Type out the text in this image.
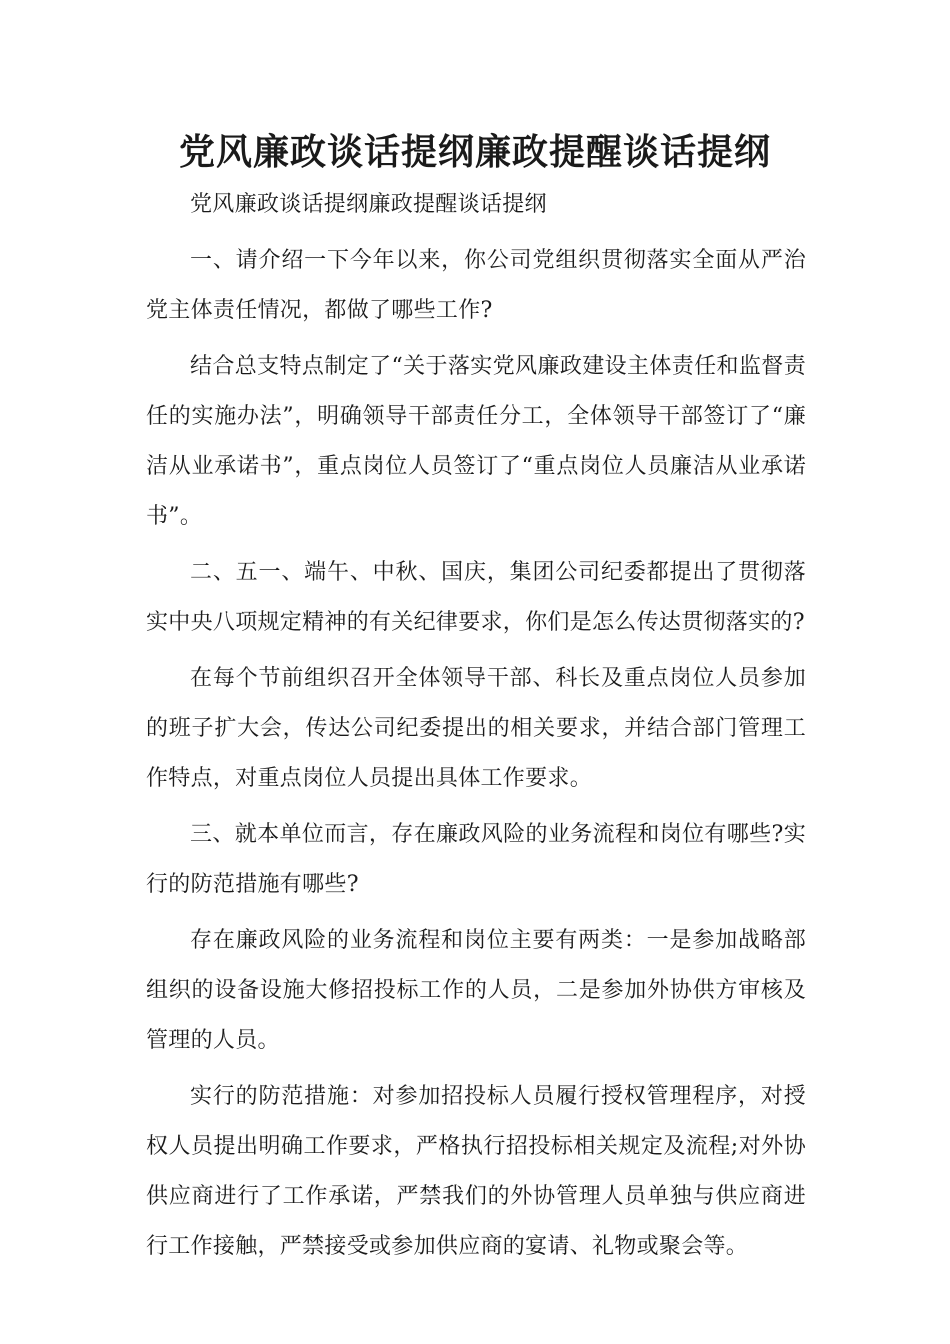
党风廉政谈话提纲廉政提醒谈话提纲

党风廉政谈话提纲廉政提醒谈话提纲

一、请介绍一下今年以来，你公司党组织贯彻落实全面从严治党主体责任情况，都做了哪些工作?

结合总支特点制定了“关于落实党风廉政建设主体责任和监督责任的实施办法”，明确领导干部责任分工，全体领导干部签订了“廉洁从业承诺书”，重点岗位人员签订了“重点岗位人员廉洁从业承诺书”。

二、五一、端午、中秋、国庆，集团公司纪委都提出了贯彻落实中央八项规定精神的有关纪律要求，你们是怎么传达贯彻落实的?

在每个节前组织召开全体领导干部、科长及重点岗位人员参加的班子扩大会，传达公司纪委提出的相关要求，并结合部门管理工作特点，对重点岗位人员提出具体工作要求。

三、就本单位而言，存在廉政风险的业务流程和岗位有哪些?实行的防范措施有哪些?

存在廉政风险的业务流程和岗位主要有两类：一是参加战略部组织的设备设施大修招投标工作的人员，二是参加外协供方审核及管理的人员。

实行的防范措施：对参加招投标人员履行授权管理程序，对授权人员提出明确工作要求，严格执行招投标相关规定及流程;对外协供应商进行了工作承诺，严禁我们的外协管理人员单独与供应商进行工作接触，严禁接受或参加供应商的宴请、礼物或聚会等。
